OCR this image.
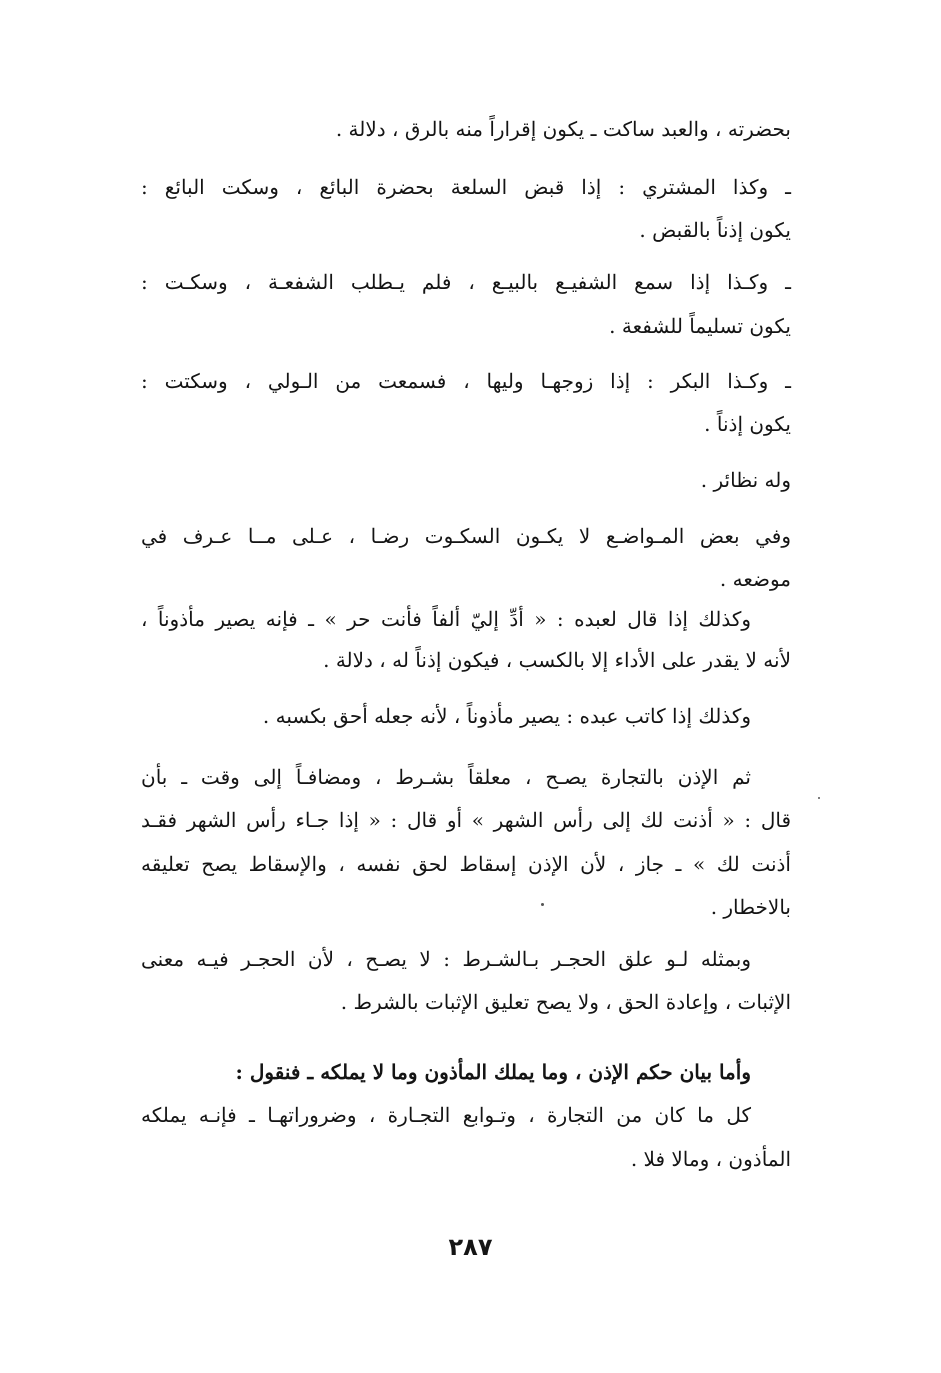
بحضرته ، والعبد ساكت ـ يكون إقراراً منه بالرق ، دلالة .
ـ وكذا المشتري : إذا قبض السلعة بحضرة البائع ، وسكت البائع :
يكون إذناً بالقبض .
ـ وكـذا إذا سمع الشفيـع بالبيـع ، فلم يـطلب الشفعـة ، وسكـت :
يكون تسليماً للشفعة .
ـ وكـذا البكر : إذا زوجهـا وليها ، فسمعت من الـولي ، وسكتت :
يكون إذناً .
وله نظائر .
وفي بعض المـواضـع لا يكـون السكـوت رضـا ، عـلى مــا عـرف في
موضعه .
وكذلك إذا قال لعبده : « أدِّ إليّ ألفاً فأنت حر » ـ فإنه يصير مأذوناً ،
لأنه لا يقدر على الأداء إلا بالكسب ، فيكون إذناً له ، دلالة .
وكذلك إذا كاتب عبده : يصير مأذوناً ، لأنه جعله أحق بكسبه .
ثم الإذن بالتجارة يصـح ، معلقاً بشـرط ، ومضافـاً إلى وقت ـ بأن
قال : « أذنت لك إلى رأس الشهر » أو قال : « إذا جـاء رأس الشهر فقـد
أذنت لك » ـ جاز ، لأن الإذن إسقاط لحق نفسه ، والإسقاط يصح تعليقه
بالاخطار .
وبمثله لـو علق الحجـر بـالشـرط : لا يصـح ، لأن الحجـر فيـه معنى
الإثبات ، وإعادة الحق ، ولا يصح تعليق الإثبات بالشرط .
وأما بيان حكم الإذن ، وما يملك المأذون وما لا يملكه ـ فنقول :
كل ما كان من التجارة ، وتـوابع التجـارة ، وضروراتهـا ـ فإنـه يملكه
المأذون ، ومالا فلا .
٢٨٧
